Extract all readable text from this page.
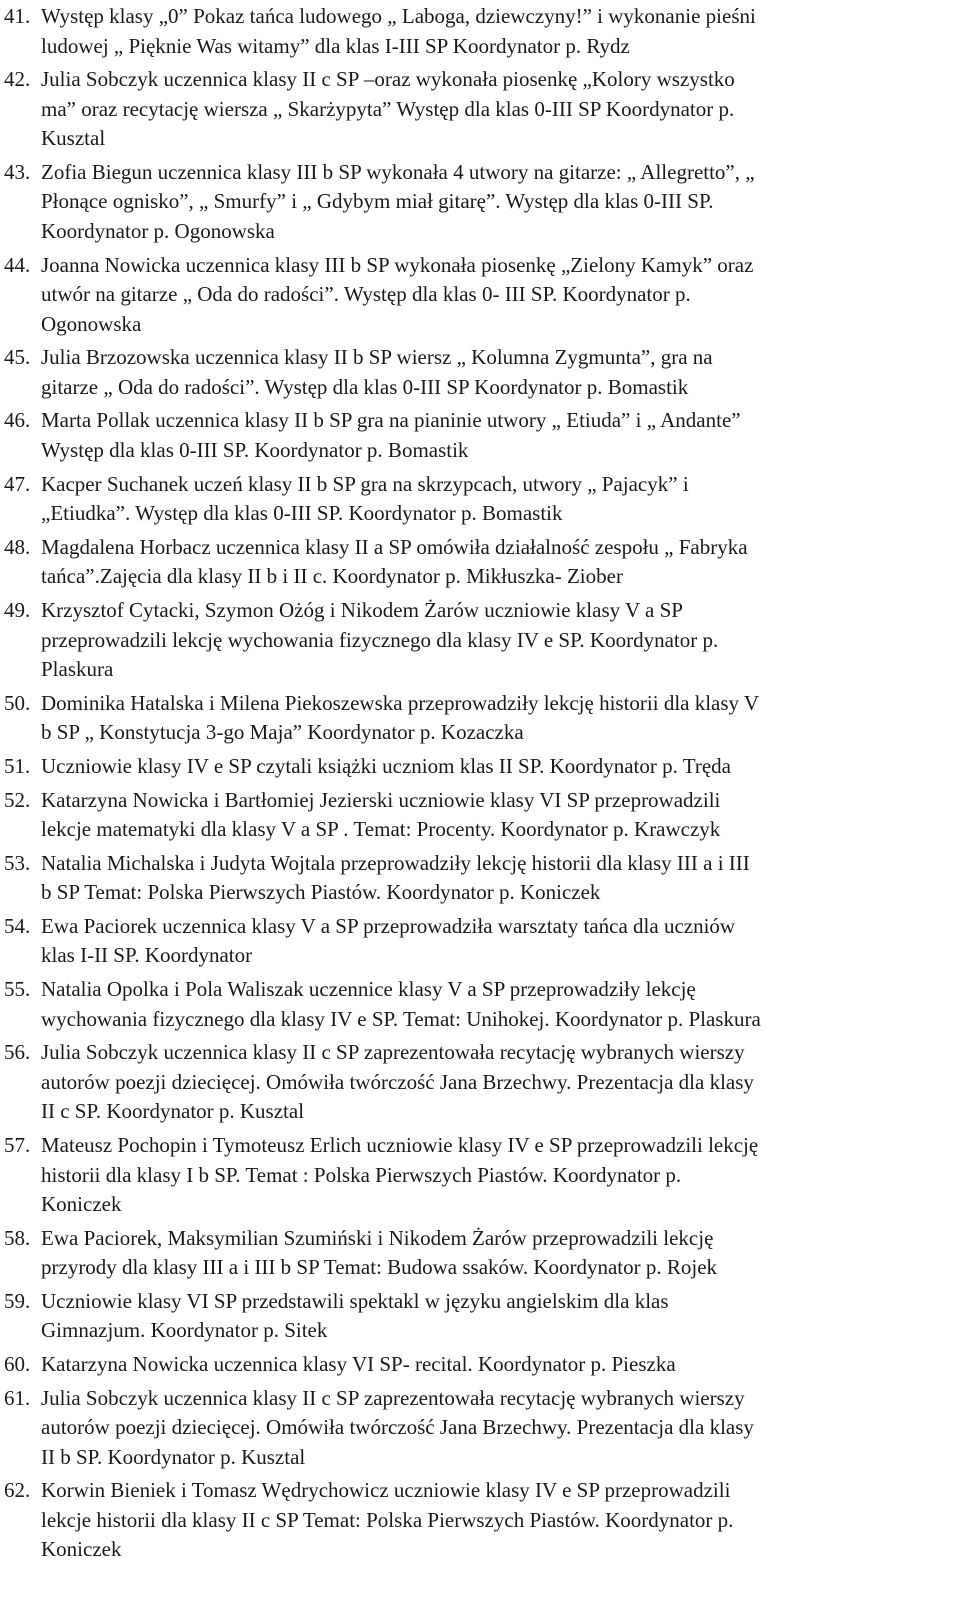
41. Występ klasy „0” Pokaz tańca ludowego „ Laboga, dziewczyny!” i wykonanie pieśni
ludowej „ Pięknie Was witamy” dla klas I-III SP Koordynator p. Rydz
42. Julia Sobczyk uczennica klasy II c SP –oraz wykonała piosenkę „Kolory wszystko
ma” oraz recytację wiersza „ Skarżypyta” Występ dla klas 0-III SP Koordynator p.
Kusztal
43. Zofia Biegun uczennica klasy III b SP wykonała 4 utwory na gitarze: „ Allegretto”, „
Płonące ognisko”, „ Smurfy” i „ Gdybym miał gitarę”. Występ dla klas 0-III SP.
Koordynator p. Ogonowska
44. Joanna Nowicka uczennica klasy III b SP wykonała piosenkę „Zielony Kamyk” oraz
utwór na gitarze „ Oda do radości”. Występ dla klas 0- III SP. Koordynator p.
Ogonowska
45. Julia Brzozowska uczennica klasy II b SP wiersz „ Kolumna Zygmunta”, gra na
gitarze „ Oda do radości”. Występ dla klas 0-III SP Koordynator p. Bomastik
46. Marta Pollak uczennica klasy II b SP gra na pianinie utwory „ Etiuda” i „ Andante”
Występ dla klas 0-III SP. Koordynator p. Bomastik
47. Kacper Suchanek uczeń klasy II b SP gra na skrzypcach, utwory „ Pajacyk” i
„Etiudka”. Występ dla klas 0-III SP. Koordynator p. Bomastik
48. Magdalena Horbacz uczennica klasy II a SP omówiła działalność zespołu „ Fabryka
tańca”.Zajęcia dla klasy II b i II c. Koordynator p. Mikłuszka- Ziober
49. Krzysztof Cytacki, Szymon Ożóg i Nikodem Żarów uczniowie klasy V a SP
przeprowadzili lekcję wychowania fizycznego dla klasy IV e SP. Koordynator p.
Plaskura
50. Dominika Hatalska i Milena Piekoszewska przeprowadziły lekcję historii dla klasy V
b SP „ Konstytucja 3-go Maja” Koordynator p. Kozaczka
51. Uczniowie klasy IV e SP czytali książki uczniom klas II SP. Koordynator p. Tręda
52. Katarzyna Nowicka i Bartłomiej Jezierski uczniowie klasy VI SP przeprowadzili
lekcje matematyki dla klasy V a SP . Temat: Procenty. Koordynator p. Krawczyk
53. Natalia Michalska i Judyta Wojtala przeprowadziły lekcję historii dla klasy III a i III
b SP Temat: Polska Pierwszych Piastów. Koordynator p. Koniczek
54. Ewa Paciorek uczennica klasy V a SP przeprowadziła warsztaty tańca dla uczniów
klas I-II SP. Koordynator
55. Natalia Opolka i Pola Waliszak uczennice klasy V a SP przeprowadziły lekcję
wychowania fizycznego dla klasy IV e SP. Temat: Unihokej. Koordynator p. Plaskura
56. Julia Sobczyk uczennica klasy II c SP zaprezentowała recytację wybranych wierszy
autorów poezji dziecięcej. Omówiła twórczość Jana Brzechwy. Prezentacja dla klasy
II c SP. Koordynator p. Kusztal
57. Mateusz Pochopin i Tymoteusz Erlich uczniowie klasy IV e SP przeprowadzili lekcję
historii dla klasy I b SP. Temat : Polska Pierwszych Piastów. Koordynator p.
Koniczek
58. Ewa Paciorek, Maksymilian Szumiński i Nikodem Żarów przeprowadzili lekcję
przyrody dla klasy III a i III b SP Temat: Budowa ssaków. Koordynator p. Rojek
59. Uczniowie klasy VI SP przedstawili spektakl w języku angielskim dla klas
Gimnazjum. Koordynator p. Sitek
60. Katarzyna Nowicka uczennica klasy VI SP- recital. Koordynator p. Pieszka
61. Julia Sobczyk uczennica klasy II c SP zaprezentowała recytację wybranych wierszy
autorów poezji dziecięcej. Omówiła twórczość Jana Brzechwy. Prezentacja dla klasy
II b SP. Koordynator p. Kusztal
62. Korwin Bieniek i Tomasz Wędrychowicz uczniowie klasy IV e SP przeprowadzili
lekcje historii dla klasy II c SP Temat: Polska Pierwszych Piastów. Koordynator p.
Koniczek
